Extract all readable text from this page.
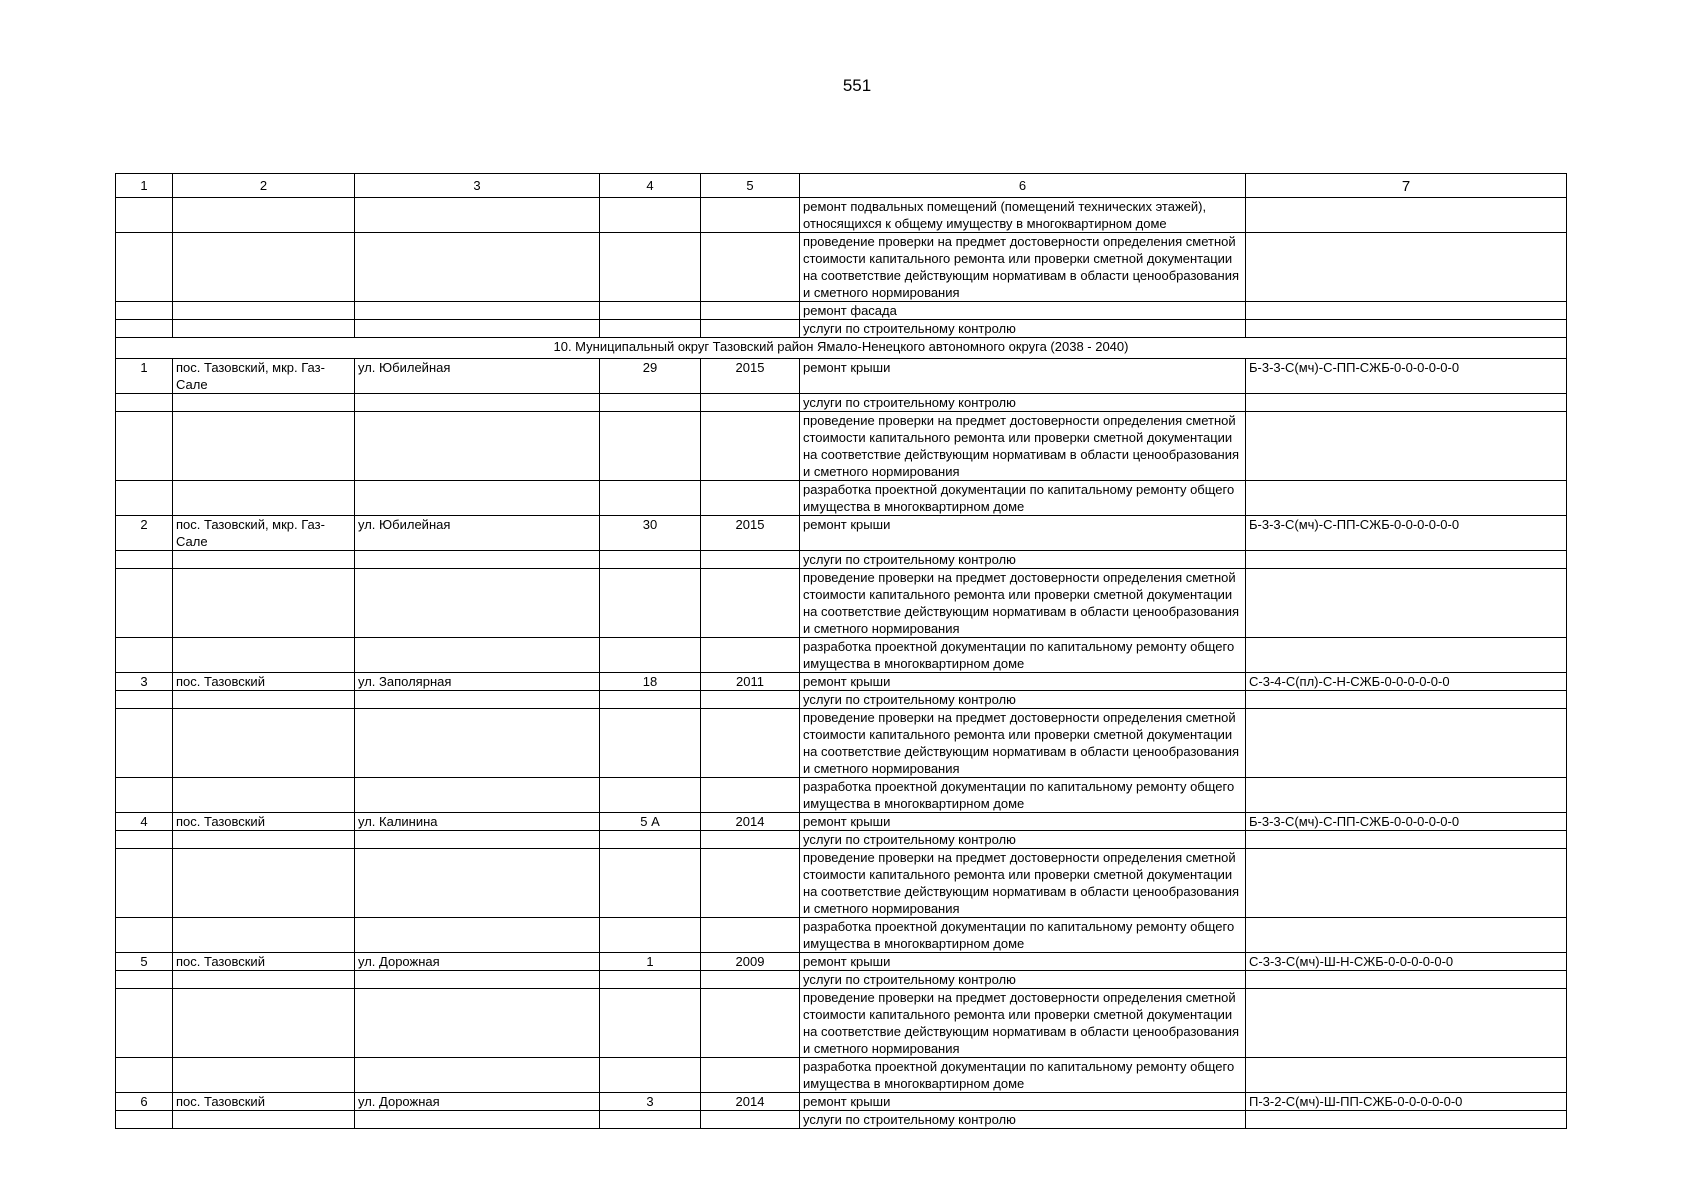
551
1	2	3	4	5	6	7
					ремонт подвальных помещений (помещений технических этажей), относящихся к общему имуществу в многоквартирном доме	
					проведение проверки на предмет достоверности определения сметной стоимости капитального ремонта или проверки сметной документации на соответствие действующим нормативам в области ценообразования и сметного нормирования	
					ремонт фасада	
					услуги по строительному контролю	
10. Муниципальный округ Тазовский район Ямало-Ненецкого автономного округа (2038 - 2040)						
1	пос. Тазовский, мкр. Газ-Сале	ул. Юбилейная	29	2015	ремонт крыши	Б-3-3-С(мч)-С-ПП-СЖБ-0-0-0-0-0-0
					услуги по строительному контролю	
					проведение проверки на предмет достоверности определения сметной стоимости капитального ремонта или проверки сметной документации на соответствие действующим нормативам в области ценообразования и сметного нормирования	
					разработка проектной документации по капитальному ремонту общего имущества в многоквартирном доме	
2	пос. Тазовский, мкр. Газ-Сале	ул. Юбилейная	30	2015	ремонт крыши	Б-3-3-С(мч)-С-ПП-СЖБ-0-0-0-0-0-0
					услуги по строительному контролю	
					проведение проверки на предмет достоверности определения сметной стоимости капитального ремонта или проверки сметной документации на соответствие действующим нормативам в области ценообразования и сметного нормирования	
					разработка проектной документации по капитальному ремонту общего имущества в многоквартирном доме	
3	пос. Тазовский	ул. Заполярная	18	2011	ремонт крыши	С-3-4-С(пл)-С-Н-СЖБ-0-0-0-0-0-0
					услуги по строительному контролю	
					проведение проверки на предмет достоверности определения сметной стоимости капитального ремонта или проверки сметной документации на соответствие действующим нормативам в области ценообразования и сметного нормирования	
					разработка проектной документации по капитальному ремонту общего имущества в многоквартирном доме	
4	пос. Тазовский	ул. Калинина	5 А	2014	ремонт крыши	Б-3-3-С(мч)-С-ПП-СЖБ-0-0-0-0-0-0
					услуги по строительному контролю	
					проведение проверки на предмет достоверности определения сметной стоимости капитального ремонта или проверки сметной документации на соответствие действующим нормативам в области ценообразования и сметного нормирования	
					разработка проектной документации по капитальному ремонту общего имущества в многоквартирном доме	
5	пос. Тазовский	ул. Дорожная	1	2009	ремонт крыши	С-3-3-С(мч)-Ш-Н-СЖБ-0-0-0-0-0-0
					услуги по строительному контролю	
					проведение проверки на предмет достоверности определения сметной стоимости капитального ремонта или проверки сметной документации на соответствие действующим нормативам в области ценообразования и сметного нормирования	
					разработка проектной документации по капитальному ремонту общего имущества в многоквартирном доме	
6	пос. Тазовский	ул. Дорожная	3	2014	ремонт крыши	П-3-2-С(мч)-Ш-ПП-СЖБ-0-0-0-0-0-0
					услуги по строительному контролю	
